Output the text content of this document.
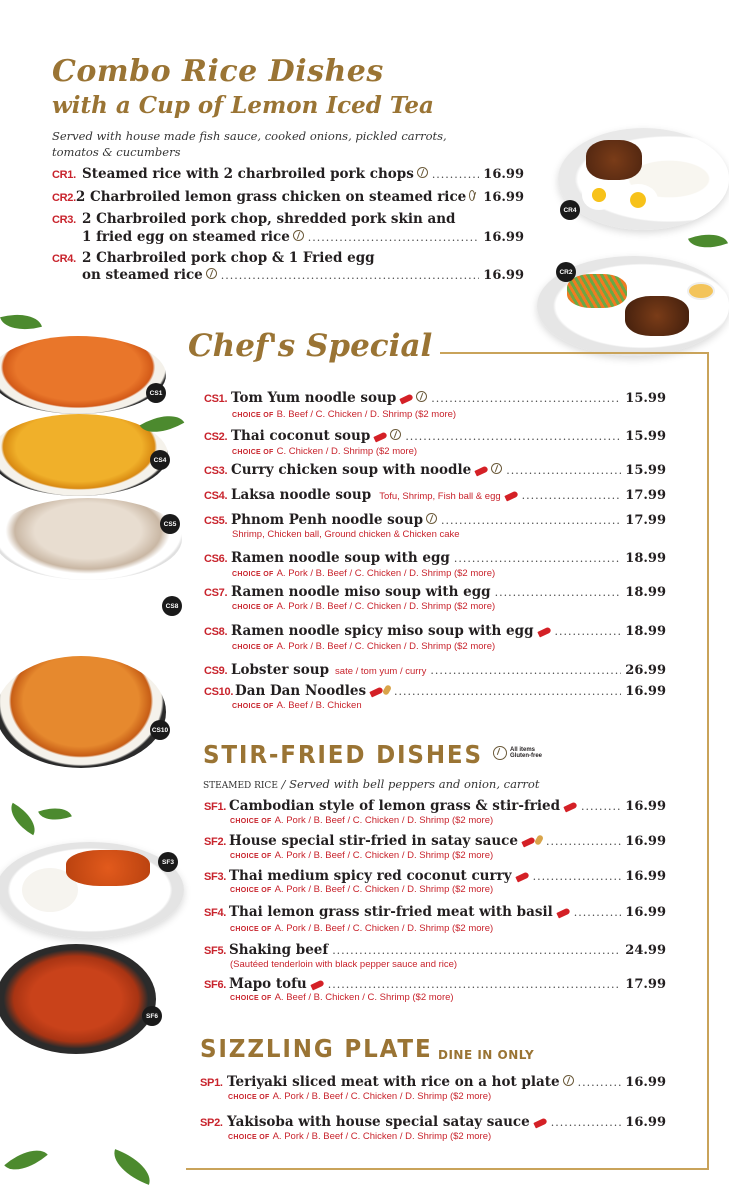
Combo Rice Dishes
with a Cup of Lemon Iced Tea
Served with house made fish sauce, cooked onions, pickled carrots,
tomatos & cucumbers
CR1. Steamed rice with 2 charbroiled pork chops .....	16.99
CR2. 2 Charbroiled lemon grass chicken on steamed rice 16.99
CR3. 2 Charbroiled pork chop, shredded pork skin and
1 fried egg on steamed rice .....	16.99
CR4. 2 Charbroiled pork chop & 1 Fried egg
on steamed rice .....	16.99
CR4
CR2
Chef's Special
CS1
CS4
CS5
CS8
CS10
CS1. Tom Yum noodle soup .....	15.99
CHOICE OF B. Beef / C. Chicken / D. Shrimp ($2 more)
CS2. Thai coconut soup .....	15.99
CHOICE OF C. Chicken / D. Shrimp ($2 more)
CS3. Curry chicken soup with noodle .....	15.99
CS4. Laksa noodle soup Tofu, Shrimp, Fish ball & egg .....	17.99
CS5. Phnom Penh noodle soup .....	17.99
Shrimp, Chicken ball, Ground chicken & Chicken cake
CS6. Ramen noodle soup with egg .....	18.99
CHOICE OF A. Pork / B. Beef / C. Chicken / D. Shrimp ($2 more)
CS7. Ramen noodle miso soup with egg .....	18.99
CHOICE OF A. Pork / B. Beef / C. Chicken / D. Shrimp ($2 more)
CS8. Ramen noodle spicy miso soup with egg .....	18.99
CHOICE OF A. Pork / B. Beef / C. Chicken / D. Shrimp ($2 more)
CS9. Lobster soup sate / tom yum / curry .....	26.99
CS10. Dan Dan Noodles .....	16.99
CHOICE OF A. Beef / B. Chicken
STIR-FRIED DISHES	All items Gluten-free
STEAMED RICE / Served with bell peppers and onion, carrot
SF3
SF6
SF1. Cambodian style of lemon grass & stir-fried .....	16.99
CHOICE OF A. Pork / B. Beef / C. Chicken / D. Shrimp ($2 more)
SF2. House special stir-fried in satay sauce .....	16.99
CHOICE OF A. Pork / B. Beef / C. Chicken / D. Shrimp ($2 more)
SF3. Thai medium spicy red coconut curry .....	16.99
CHOICE OF A. Pork / B. Beef / C. Chicken / D. Shrimp ($2 more)
SF4. Thai lemon grass stir-fried meat with basil .....	16.99
CHOICE OF A. Pork / B. Beef / C. Chicken / D. Shrimp ($2 more)
SF5. Shaking beef .....	24.99
(Sautéed tenderloin with black pepper sauce and rice)
SF6. Mapo tofu .....	17.99
CHOICE OF A. Beef / B. Chicken / C. Shrimp ($2 more)
SIZZLING PLATE DINE IN ONLY
SP1. Teriyaki sliced meat with rice on a hot plate .....	16.99
CHOICE OF A. Pork / B. Beef / C. Chicken / D. Shrimp ($2 more)
SP2. Yakisoba with house special satay sauce .....	16.99
CHOICE OF A. Pork / B. Beef / C. Chicken / D. Shrimp ($2 more)
